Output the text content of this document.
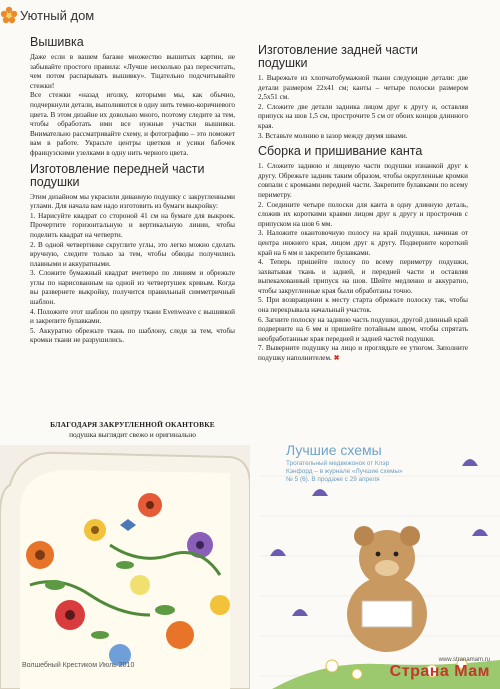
Уютный дом
Вышивка

Даже если в вашем багаже множество вышитых картин, не забывайте простого правила: «Лучше несколько раз пересчитать, чем потом распарывать вышивку». Тщательно подсчитывайте стежки!

Все стежки «назад иголку, которыми мы, как обычно, подчеркнули детали, выполняются в одну нить темно-коричневого цвета. В этом дизайне их довольно много, поэтому следите за тем, чтобы обработать ими все нужные участки вышивки. Внимательно рассматривайте схему, и фотографию – это поможет вам в работе. Украсьте центры цветков и усики бабочек французскими узелками в одну нить черного цвета.

Изготовление передней части подушки

Этим дизайном мы украсили диванную подушку с закругленными углами. Для начала вам надо изготовить из бумаги выкройку:

1. Нарисуйте квадрат со стороной 41 см на бумаге для выкроек. Прочертите горизонтальную и вертикальную линии, чтобы поделить квадрат на четверти.

2. В одной четвертинке скруглите углы, это легко можно сделать вручную, следите только за тем, чтобы обводы получились плавными и аккуратными.

3. Сложите бумажный квадрат вчетверо по линиям и обрежьте углы по нарисованным на одной из четвертушек кривым. Когда вы развернете выкройку, получится правильный симметричный шаблон.

4. Положите этот шаблон по центру ткани Evenweave с вышивкой и закрепите булавками.

5. Аккуратно обрежьте ткань по шаблону, следя за тем, чтобы кромки ткани не разрушились.

БЛАГОДАРЯ ЗАКРУГЛЕННОЙ ОКАНТОВКЕ
подушка выглядит свежо и оригинально
Изготовление задней части подушки

1. Вырежьте из хлопчатобумажной ткани следующие детали: две детали размером 22х41 см; канты – четыре полоски размером 2,5х51 см.

2. Сложите две детали задника лицом друг к другу и, оставляя припуск на шов 1,5 см, прострочите 5 см от обоих концов длинного края.

3. Вставьте молнию в зазор между двумя швами.

Сборка и пришивание канта

1. Сложите заднюю и лицевую части подушки изнанкой друг к другу. Обрежьте задник таким образом, чтобы округленные кромки совпали с кромками передней части. Закрепите булавками по всему периметру.

2. Соедините четыре полоски для канта в одну длинную деталь, сложив их короткими краями лицом друг к другу и прострочив с припуском на шов 6 мм.

3. Наложите окантовочную полосу на край подушки, начиная от центра нижнего края, лицом друг к другу. Подверните короткий край на 6 мм и закрепите булавками.

4. Теперь пришейте полосу по всему периметру подушки, захватывая ткань и задней, и передней части и оставляя выпекахованный припуск на шов. Шейте медленно и аккуратно, чтобы закругленные края были обработаны точно.

5. При возвращении к месту старта обрежьте полоску так, чтобы она перекрывала начальный участок.

6. Загните полоску на заднюю часть подушки, другой длинный край подверните на 6 мм и пришейте потайным швом, чтобы спрятать необработанные края передней и задней частей подушки.

7. Выверните подушку на лицо и проглядьте ее утюгом. Заполните подушку наполнителем. ✖

Лучшие схемы
Трогательный медвежонок от Клэр Кэнфорд – в журнале «Лучшие схемы» № 5 (6). В продаже с 29 апреля
Волшебный Крестиком Июль 2010
www.stranamam.ru
Страна Мам
